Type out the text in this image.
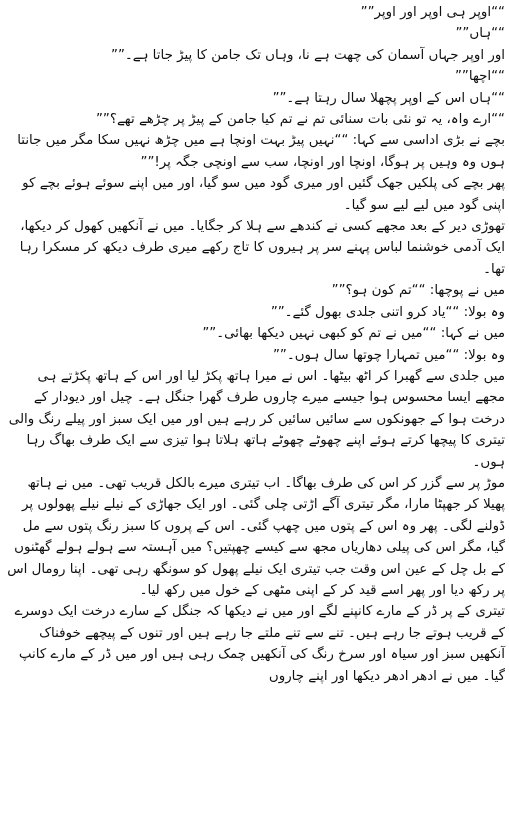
““اوپر ہی اوپر اور اوپر””

““ہاں””

اور اوپر جہاں آسمان کی چھت ہے نا، وہاں تک جامن کا پیڑ جاتا ہے۔””

““اچھا””

““ہاں اس کے اوپر پچھلا سال رہتا ہے۔””

““ارے واہ، یہ تو نئی بات سنائی تم نے تم کیا جامن کے پیڑ پر چڑھے تھے؟””

بچے نے بڑی اداسی سے کہا: ““نہیں پیڑ بہت اونچا ہے میں چڑھ نہیں سکا مگر میں جانتا ہوں وہ وہیں پر ہوگا، اونچا اور اونچا، سب سے اونچی جگہ پر!””

پھر بچے کی پلکیں جھک گئیں اور میری گود میں سو گیا، اور میں اپنے سوئے ہوئے بچے کو اپنی گود میں لیے لیے سو گیا۔

تھوڑی دیر کے بعد مجھے کسی نے کندھے سے ہلا کر جگایا۔ میں نے آنکھیں کھول کر دیکھا، ایک آدمی خوشنما لباس پہنے سر پر ہیروں کا تاج رکھے میری طرف دیکھ کر مسکرا رہا تھا۔

میں نے پوچھا: ““تم کون ہو؟””

وہ بولا: ““یاد کرو اتنی جلدی بھول گئے۔””

میں نے کہا: ““میں نے تم کو کبھی نہیں دیکھا بھائی۔””

وہ بولا: ““میں تمہارا چوتھا سال ہوں۔””

میں جلدی سے گھبرا کر اٹھ بیٹھا۔ اس نے میرا ہاتھ پکڑ لیا اور اس کے ہاتھ پکڑتے ہی مجھے ایسا محسوس ہوا جیسے میرے چاروں طرف گھرا جنگل ہے۔ چیل اور دیودار کے درخت ہوا کے جھونکوں سے سائیں سائیں کر رہے ہیں اور میں ایک سبز اور پیلے رنگ والی تیتری کا پیچھا کرتے ہوئے اپنے چھوٹے چھوٹے ہاتھ ہلاتا ہوا تیزی سے ایک طرف بھاگ رہا ہوں۔

موڑ پر سے گزر کر اس کی طرف بھاگا۔ اب تیتری میرے بالکل قریب تھی۔ میں نے ہاتھ پھیلا کر جھپٹا مارا، مگر تیتری آگے اڑتی چلی گئی۔ اور ایک جھاڑی کے نیلے نیلے پھولوں پر ڈولنے لگی۔ پھر وہ اس کے پتوں میں چھپ گئی۔ اس کے پروں کا سبز رنگ پتوں سے مل گیا، مگر اس کی پیلی دھاریاں مجھ سے کیسے چھپتیں؟ میں آہستہ سے ہولے ہولے گھٹنوں کے بل چل کے عین اس وقت جب تیتری ایک نیلے پھول کو سونگھ رہی تھی۔ اپنا رومال اس پر رکھ دیا اور پھر اسے قید کر کے اپنی مٹھی کے خول میں رکھ لیا۔

تیتری کے پر ڈر کے مارے کانپنے لگے اور میں نے دیکھا کہ جنگل کے سارے درخت ایک دوسرے کے قریب ہوتے جا رہے ہیں۔ تنے سے تنے ملتے جا رہے ہیں اور تنوں کے پیچھے خوفناک آنکھیں سبز اور سیاہ اور سرخ رنگ کی آنکھیں چمک رہی ہیں اور میں ڈر کے مارے کانپ گیا۔ میں نے ادھر ادھر دیکھا اور اپنے چاروں
